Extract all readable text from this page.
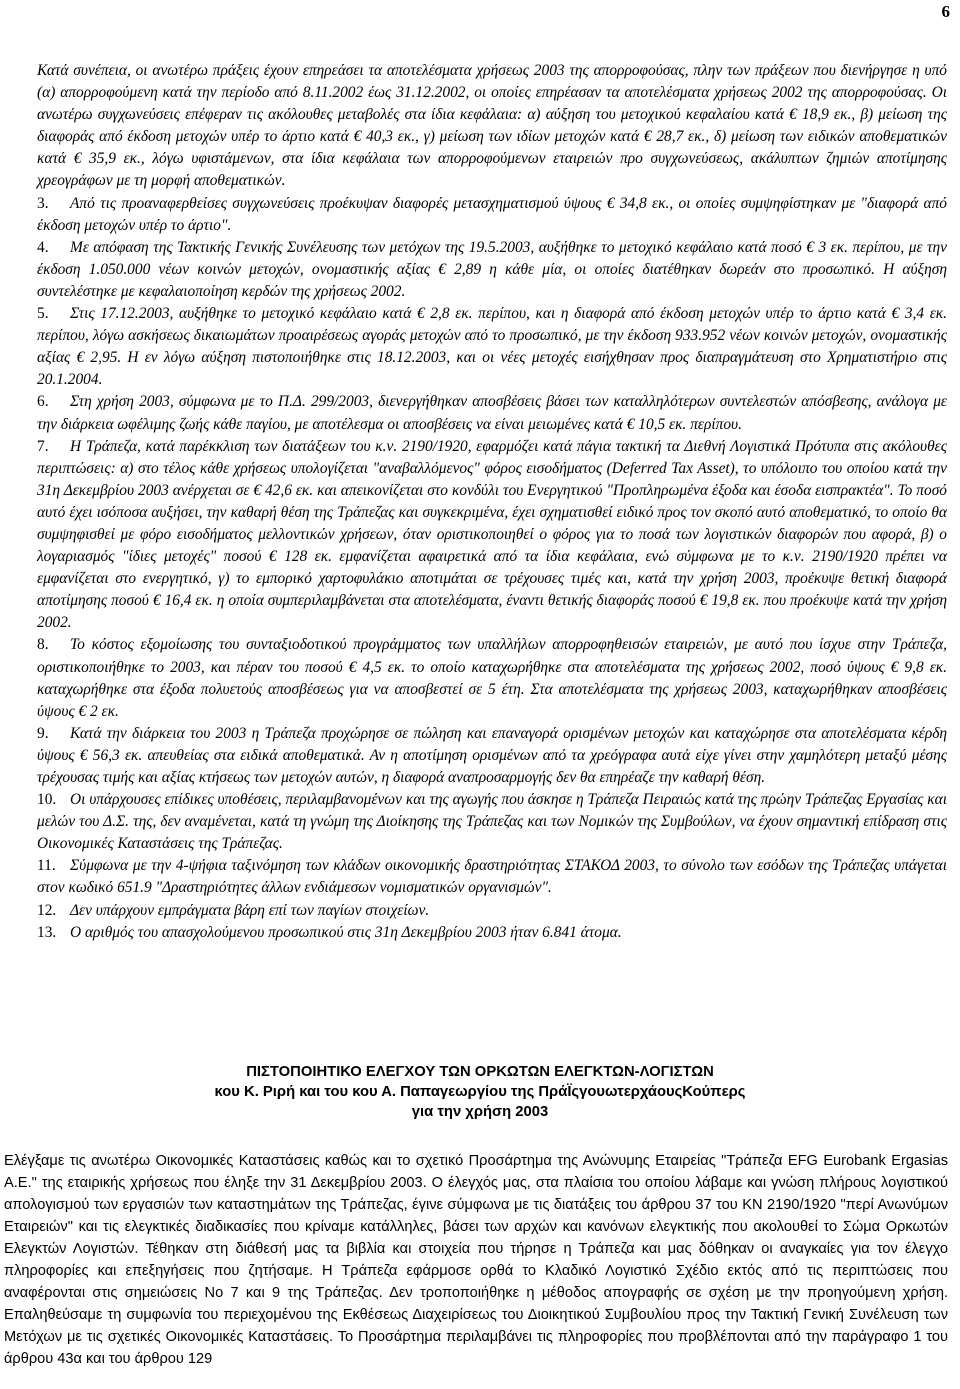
6
Κατά συνέπεια, οι ανωτέρω πράξεις έχουν επηρεάσει τα αποτελέσματα χρήσεως 2003 της απορροφούσας, πλην των πράξεων που διενήργησε η υπό (α) απορροφούμενη κατά την περίοδο από 8.11.2002 έως 31.12.2002, οι οποίες επηρέασαν τα αποτελέσματα χρήσεως 2002 της απορροφούσας. Οι ανωτέρω συγχωνεύσεις επέφεραν τις ακόλουθες μεταβολές στα ίδια κεφάλαια: α) αύξηση του μετοχικού κεφαλαίου κατά € 18,9 εκ., β) μείωση της διαφοράς από έκδοση μετοχών υπέρ το άρτιο κατά € 40,3 εκ., γ) μείωση των ιδίων μετοχών κατά € 28,7 εκ., δ) μείωση των ειδικών αποθεματικών κατά € 35,9 εκ., λόγω υφιστάμενων, στα ίδια κεφάλαια των απορροφούμενων εταιρειών προ συγχωνεύσεως, ακάλυπτων ζημιών αποτίμησης χρεογράφων με τη μορφή αποθεματικών.
3. Από τις προαναφερθείσες συγχωνεύσεις προέκυψαν διαφορές μετασχηματισμού ύψους € 34,8 εκ., οι οποίες συμψηφίστηκαν με "διαφορά από έκδοση μετοχών υπέρ το άρτιο".
4. Με απόφαση της Τακτικής Γενικής Συνέλευσης των μετόχων της 19.5.2003, αυξήθηκε το μετοχικό κεφάλαιο κατά ποσό € 3 εκ. περίπου, με την έκδοση 1.050.000 νέων κοινών μετοχών, ονομαστικής αξίας € 2,89 η κάθε μία, οι οποίες διατέθηκαν δωρεάν στο προσωπικό. Η αύξηση συντελέστηκε με κεφαλαιοποίηση κερδών της χρήσεως 2002.
5. Στις 17.12.2003, αυξήθηκε το μετοχικό κεφάλαιο κατά € 2,8 εκ. περίπου, και η διαφορά από έκδοση μετοχών υπέρ το άρτιο κατά € 3,4 εκ. περίπου, λόγω ασκήσεως δικαιωμάτων προαιρέσεως αγοράς μετοχών από το προσωπικό, με την έκδοση 933.952 νέων κοινών μετοχών, ονομαστικής αξίας € 2,95. Η εν λόγω αύξηση πιστοποιήθηκε στις 18.12.2003, και οι νέες μετοχές εισήχθησαν προς διαπραγμάτευση στο Χρηματιστήριο στις 20.1.2004.
6. Στη χρήση 2003, σύμφωνα με το Π.Δ. 299/2003, διενεργήθηκαν αποσβέσεις βάσει των καταλληλότερων συντελεστών απόσβεσης, ανάλογα με την διάρκεια ωφέλιμης ζωής κάθε παγίου, με αποτέλεσμα οι αποσβέσεις να είναι μειωμένες κατά € 10,5 εκ. περίπου.
7. Η Τράπεζα, κατά παρέκκλιση των διατάξεων του κ.ν. 2190/1920, εφαρμόζει κατά πάγια τακτική τα Διεθνή Λογιστικά Πρότυπα στις ακόλουθες περιπτώσεις: α) στο τέλος κάθε χρήσεως υπολογίζεται "αναβαλλόμενος" φόρος εισοδήματος (Deferred Tax Asset), το υπόλοιπο του οποίου κατά την 31η Δεκεμβρίου 2003 ανέρχεται σε € 42,6 εκ. και απεικονίζεται στο κονδύλι του Ενεργητικού "Προπληρωμένα έξοδα και έσοδα εισπρακτέα". Το ποσό αυτό έχει ισόποσα αυξήσει, την καθαρή θέση της Τράπεζας και συγκεκριμένα, έχει σχηματισθεί ειδικό προς τον σκοπό αυτό αποθεματικό, το οποίο θα συμψηφισθεί με φόρο εισοδήματος μελλοντικών χρήσεων, όταν οριστικοποιηθεί ο φόρος για το ποσά των λογιστικών διαφορών που αφορά, β) ο λογαριασμός "ίδιες μετοχές" ποσού € 128 εκ. εμφανίζεται αφαιρετικά από τα ίδια κεφάλαια, ενώ σύμφωνα με το κ.ν. 2190/1920 πρέπει να εμφανίζεται στο ενεργητικό, γ) το εμπορικό χαρτοφυλάκιο αποτιμάται σε τρέχουσες τιμές και, κατά την χρήση 2003, προέκυψε θετική διαφορά αποτίμησης ποσού € 16,4 εκ. η οποία συμπεριλαμβάνεται στα αποτελέσματα, έναντι θετικής διαφοράς ποσού € 19,8 εκ. που προέκυψε κατά την χρήση 2002.
8. Το κόστος εξομοίωσης του συνταξιοδοτικού προγράμματος των υπαλλήλων απορροφηθεισών εταιρειών, με αυτό που ίσχυε στην Τράπεζα, οριστικοποιήθηκε το 2003, και πέραν του ποσού € 4,5 εκ. το οποίο καταχωρήθηκε στα αποτελέσματα της χρήσεως 2002, ποσό ύψους € 9,8 εκ. καταχωρήθηκε στα έξοδα πολυετούς αποσβέσεως για να αποσβεστεί σε 5 έτη. Στα αποτελέσματα της χρήσεως 2003, καταχωρήθηκαν αποσβέσεις ύψους € 2 εκ.
9. Κατά την διάρκεια του 2003 η Τράπεζα προχώρησε σε πώληση και επαναγορά ορισμένων μετοχών και καταχώρησε στα αποτελέσματα κέρδη ύψους € 56,3 εκ. απευθείας στα ειδικά αποθεματικά. Αν η αποτίμηση ορισμένων από τα χρεόγραφα αυτά είχε γίνει στην χαμηλότερη μεταξύ μέσης τρέχουσας τιμής και αξίας κτήσεως των μετοχών αυτών, η διαφορά αναπροσαρμογής δεν θα επηρέαζε την καθαρή θέση.
10. Οι υπάρχουσες επίδικες υποθέσεις, περιλαμβανομένων και της αγωγής που άσκησε η Τράπεζα Πειραιώς κατά της πρώην Τράπεζας Εργασίας και μελών του Δ.Σ. της, δεν αναμένεται, κατά τη γνώμη της Διοίκησης της Τράπεζας και των Νομικών της Συμβούλων, να έχουν σημαντική επίδραση στις Οικονομικές Καταστάσεις της Τράπεζας.
11. Σύμφωνα με την 4-ψήφια ταξινόμηση των κλάδων οικονομικής δραστηριότητας ΣΤΑΚΟΔ 2003, το σύνολο των εσόδων της Τράπεζας υπάγεται στον κωδικό 651.9 "Δραστηριότητες άλλων ενδιάμεσων νομισματικών οργανισμών".
12. Δεν υπάρχουν εμπράγματα βάρη επί των παγίων στοιχείων.
13. Ο αριθμός του απασχολούμενου προσωπικού στις 31η Δεκεμβρίου 2003 ήταν 6.841 άτομα.
ΠΙΣΤΟΠΟΙΗΤΙΚΟ ΕΛΕΓΧΟΥ ΤΩΝ ΟΡΚΩΤΩΝ ΕΛΕΓΚΤΩΝ-ΛΟΓΙΣΤΩΝ
κου Κ. Ριρή και του κου Α. Παπαγεωργίου της ΠράΪςγουωτερχάουςΚούπερς
για την χρήση 2003
Ελέγξαμε τις ανωτέρω Οικονομικές Καταστάσεις καθώς και το σχετικό Προσάρτημα της Ανώνυμης Εταιρείας "Τράπεζα EFG Eurobank Ergasias Α.Ε." της εταιρικής χρήσεως που έληξε την 31 Δεκεμβρίου 2003. Ο έλεγχός μας, στα πλαίσια του οποίου λάβαμε και γνώση πλήρους λογιστικού απολογισμού των εργασιών των καταστημάτων της Τράπεζας, έγινε σύμφωνα με τις διατάξεις του άρθρου 37 του ΚΝ 2190/1920 "περί Ανωνύμων Εταιρειών" και τις ελεγκτικές διαδικασίες που κρίναμε κατάλληλες, βάσει των αρχών και κανόνων ελεγκτικής που ακολουθεί το Σώμα Ορκωτών Ελεγκτών Λογιστών. Τέθηκαν στη διάθεσή μας τα βιβλία και στοιχεία που τήρησε η Τράπεζα και μας δόθηκαν οι αναγκαίες για τον έλεγχο πληροφορίες και επεξηγήσεις που ζητήσαμε. Η Τράπεζα εφάρμοσε ορθά το Κλαδικό Λογιστικό Σχέδιο εκτός από τις περιπτώσεις που αναφέρονται στις σημειώσεις Νο 7 και 9 της Τράπεζας. Δεν τροποποιήθηκε η μέθοδος απογραφής σε σχέση με την προηγούμενη χρήση. Επαληθεύσαμε τη συμφωνία του περιεχομένου της Εκθέσεως Διαχειρίσεως του Διοικητικού Συμβουλίου προς την Τακτική Γενική Συνέλευση των Μετόχων με τις σχετικές Οικονομικές Καταστάσεις. Το Προσάρτημα περιλαμβάνει τις πληροφορίες που προβλέπονται από την παράγραφο 1 του άρθρου 43α και του άρθρου 129
